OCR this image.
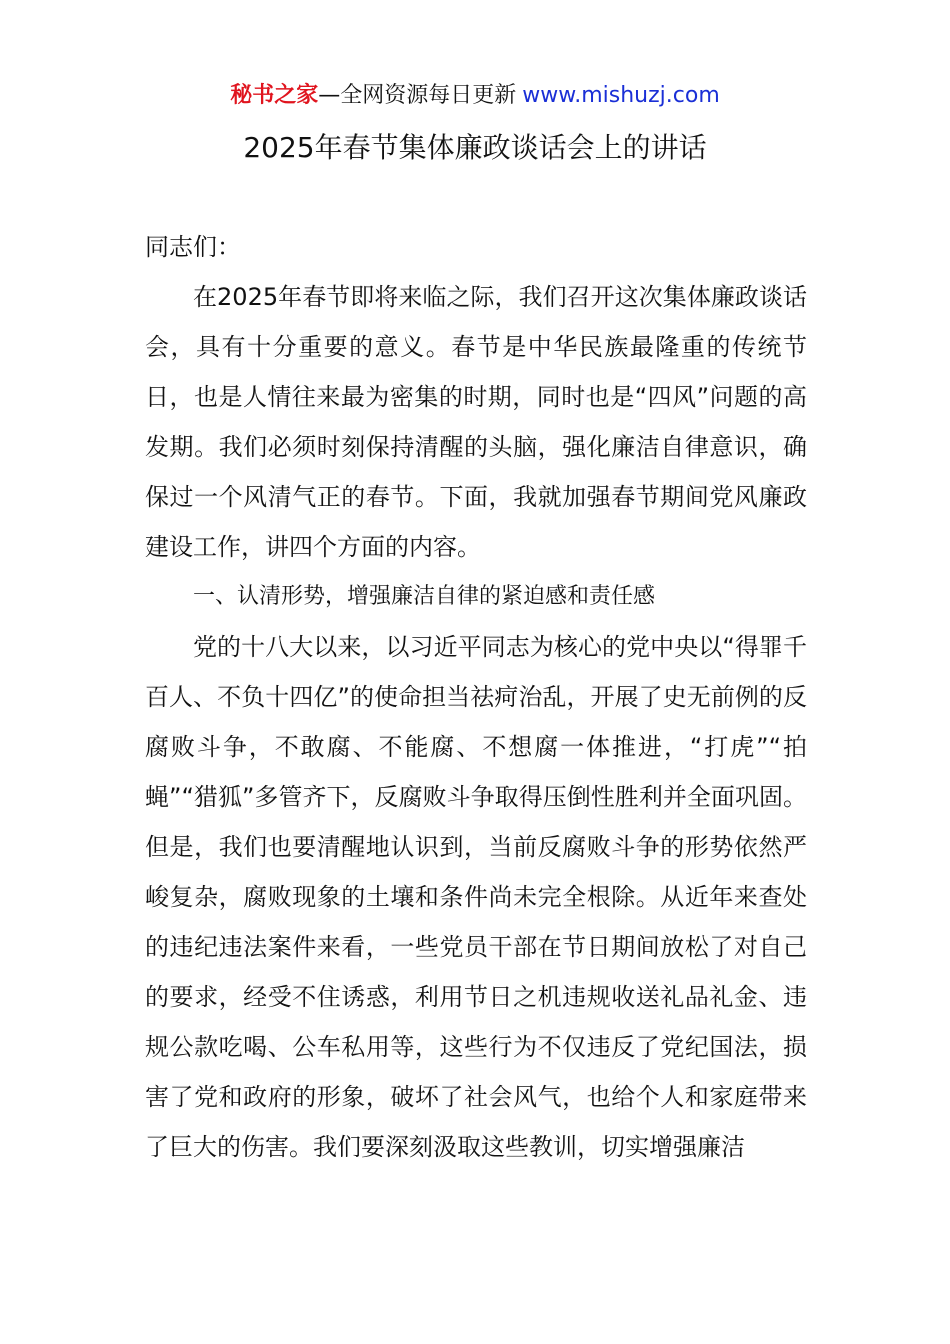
秘书之家—全网资源每日更新 www.mishuzj.com
2025年春节集体廉政谈话会上的讲话

同志们：

在2025年春节即将来临之际，我们召开这次集体廉政谈话会，具有十分重要的意义。春节是中华民族最隆重的传统节日，也是人情往来最为密集的时期，同时也是“四风”问题的高发期。我们必须时刻保持清醒的头脑，强化廉洁自律意识，确保过一个风清气正的春节。下面，我就加强春节期间党风廉政建设工作，讲四个方面的内容。

一、认清形势，增强廉洁自律的紧迫感和责任感

党的十八大以来，以习近平同志为核心的党中央以“得罪千百人、不负十四亿”的使命担当祛疴治乱，开展了史无前例的反腐败斗争，不敢腐、不能腐、不想腐一体推进，“打虎”“拍蝇”“猎狐”多管齐下，反腐败斗争取得压倒性胜利并全面巩固。但是，我们也要清醒地认识到，当前反腐败斗争的形势依然严峻复杂，腐败现象的土壤和条件尚未完全根除。从近年来查处的违纪违法案件来看，一些党员干部在节日期间放松了对自己的要求，经受不住诱惑，利用节日之机违规收送礼品礼金、违规公款吃喝、公车私用等，这些行为不仅违反了党纪国法，损害了党和政府的形象，破坏了社会风气，也给个人和家庭带来了巨大的伤害。我们要深刻汲取这些教训，切实增强廉洁
